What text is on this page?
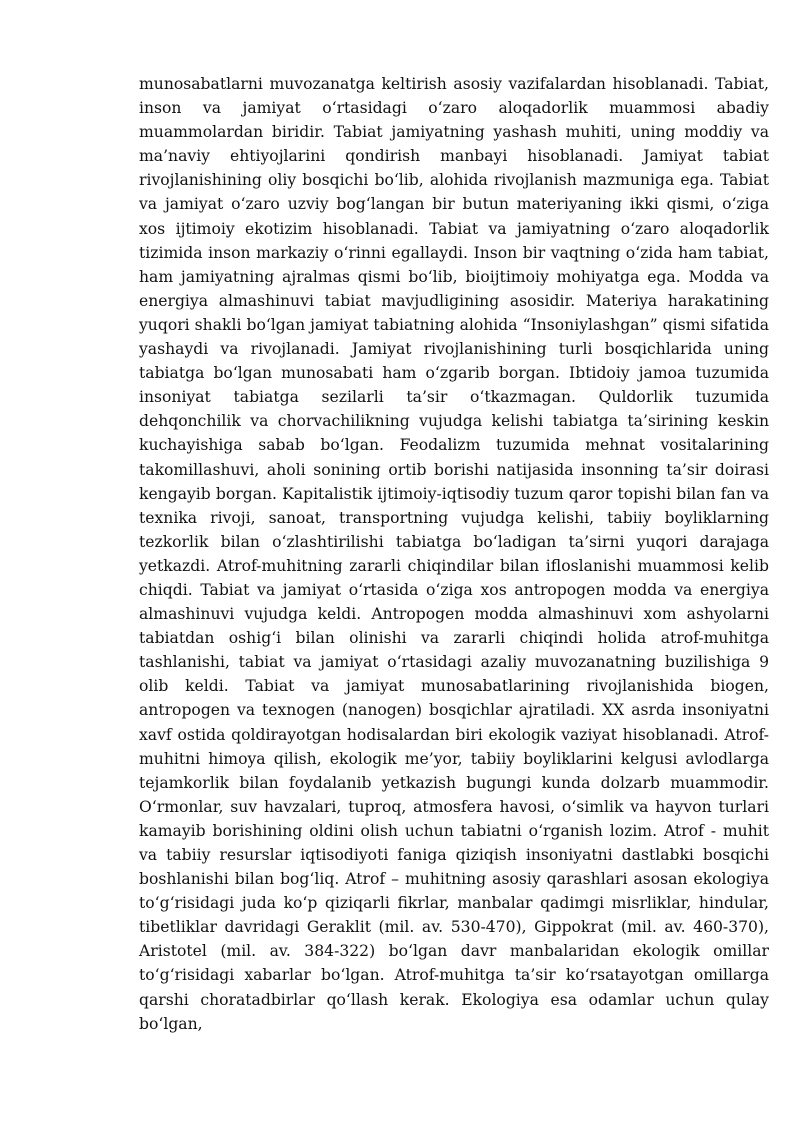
munosabatlarni muvozanatga keltirish asosiy vazifalardan hisoblanadi. Tabiat, inson va jamiyat o‘rtasidagi o‘zaro aloqadorlik muammosi abadiy muammolardan biridir. Tabiat jamiyatning yashash muhiti, uning moddiy va ma’naviy ehtiyojlarini qondirish manbayi hisoblanadi. Jamiyat tabiat rivojlanishining oliy bosqichi bo‘lib, alohida rivojlanish mazmuniga ega. Tabiat va jamiyat o‘zaro uzviy bog‘langan bir butun materiyaning ikki qismi, o‘ziga xos ijtimoiy ekotizim hisoblanadi. Tabiat va jamiyatning o‘zaro aloqadorlik tizimida inson markaziy o‘rinni egallaydi. Inson bir vaqtning o‘zida ham tabiat, ham jamiyatning ajralmas qismi bo‘lib, bioijtimoiy mohiyatga ega. Modda va energiya almashinuvi tabiat mavjudligining asosidir. Materiya harakatining yuqori shakli bo‘lgan jamiyat tabiatning alohida “Insoniylashgan” qismi sifatida yashaydi va rivojlanadi. Jamiyat rivojlanishining turli bosqichlarida uning tabiatga bo‘lgan munosabati ham o‘zgarib borgan. Ibtidoiy jamoa tuzumida insoniyat tabiatga sezilarli ta’sir o‘tkazmagan. Quldorlik tuzumida dehqonchilik va chorvachilikning vujudga kelishi tabiatga ta’sirining keskin kuchayishiga sabab bo‘lgan. Feodalizm tuzumida mehnat vositalarining takomillashuvi, aholi sonining ortib borishi natijasida insonning ta’sir doirasi kengayib borgan. Kapitalistik ijtimoiy-iqtisodiy tuzum qaror topishi bilan fan va texnika rivoji, sanoat, transportning vujudga kelishi, tabiiy boyliklarning tezkorlik bilan o‘zlashtirilishi tabiatga bo‘ladigan ta’sirni yuqori darajaga yetkazdi. Atrof-muhitning zararli chiqindilar bilan ifloslanishi muammosi kelib chiqdi. Tabiat va jamiyat o‘rtasida o‘ziga xos antropogen modda va energiya almashinuvi vujudga keldi. Antropogen modda almashinuvi xom ashyolarni tabiatdan oshig‘i bilan olinishi va zararli chiqindi holida atrof-muhitga tashlanishi, tabiat va jamiyat o‘rtasidagi azaliy muvozanatning buzilishiga 9 olib keldi. Tabiat va jamiyat munosabatlarining rivojlanishida biogen, antropogen va texnogen (nanogen) bosqichlar ajratiladi. XX asrda insoniyatni xavf ostida qoldirayotgan hodisalardan biri ekologik vaziyat hisoblanadi. Atrof-muhitni himoya qilish, ekologik me’yor, tabiiy boyliklarini kelgusi avlodlarga tejamkorlik bilan foydalanib yetkazish bugungi kunda dolzarb muammodir. O‘rmonlar, suv havzalari, tuproq, atmosfera havosi, o‘simlik va hayvon turlari kamayib borishining oldini olish uchun tabiatni o‘rganish lozim. Atrof - muhit va tabiiy resurslar iqtisodiyoti faniga qiziqish insoniyatni dastlabki bosqichi boshlanishi bilan bog‘liq. Atrof – muhitning asosiy qarashlari asosan ekologiya to‘g‘risidagi juda ko‘p qiziqarli fikrlar, manbalar qadimgi misrliklar, hindular, tibetliklar davridagi Geraklit (mil. av. 530-470), Gippokrat (mil. av. 460-370), Aristotel (mil. av. 384-322) bo‘lgan davr manbalaridan ekologik omillar to‘g‘risidagi xabarlar bo‘lgan. Atrof-muhitga ta’sir ko‘rsatayotgan omillarga qarshi choratadbirlar qo‘llash kerak. Ekologiya esa odamlar uchun qulay bo‘lgan,
